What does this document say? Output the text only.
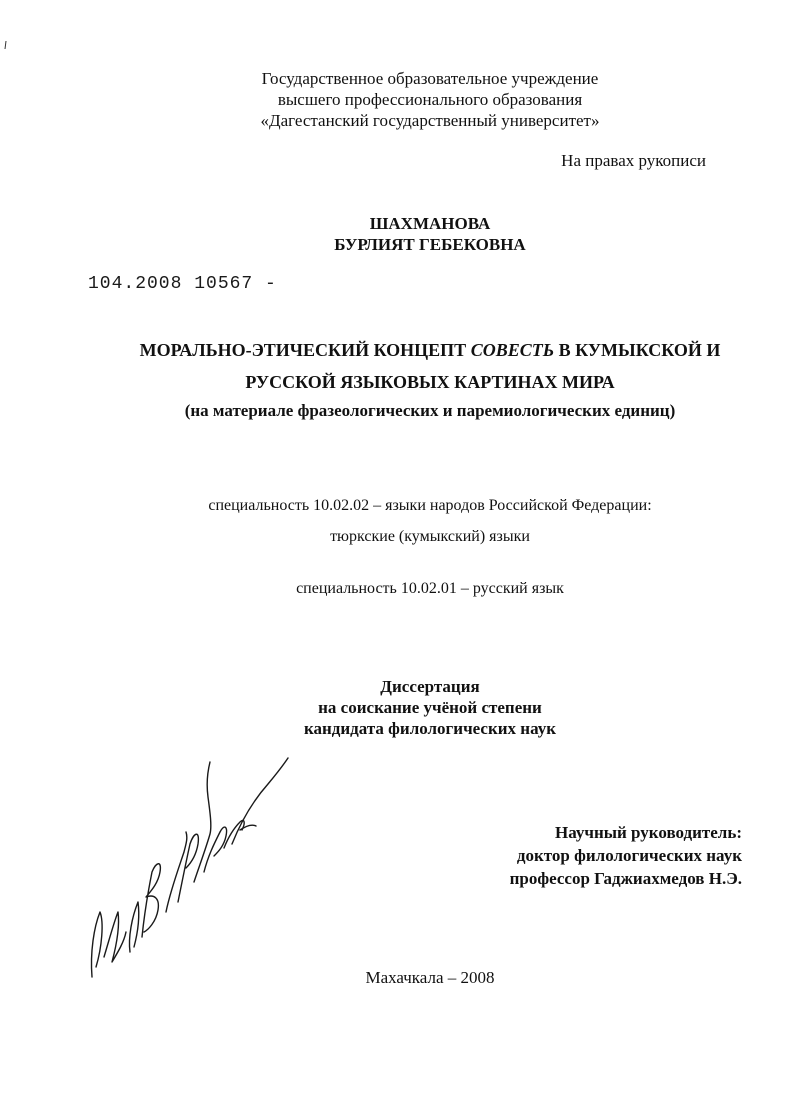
Государственное образовательное учреждение
высшего профессионального образования
«Дагестанский государственный университет»
На правах рукописи
ШАХМАНОВА
БУРЛИЯТ ГЕБЕКОВНА
104.2008 10567 -
МОРАЛЬНО-ЭТИЧЕСКИЙ КОНЦЕПТ СОВЕСТЬ В КУМЫКСКОЙ И
РУССКОЙ ЯЗЫКОВЫХ КАРТИНАХ МИРА
(на материале фразеологических и паремиологических единиц)
специальность 10.02.02 – языки народов Российской Федерации:
тюркские (кумыкский) языки
специальность 10.02.01 – русский язык
Диссертация
на соискание учёной степени
кандидата филологических наук
Научный руководитель:
доктор филологических наук
профессор Гаджиахмедов Н.Э.
Махачкала – 2008
